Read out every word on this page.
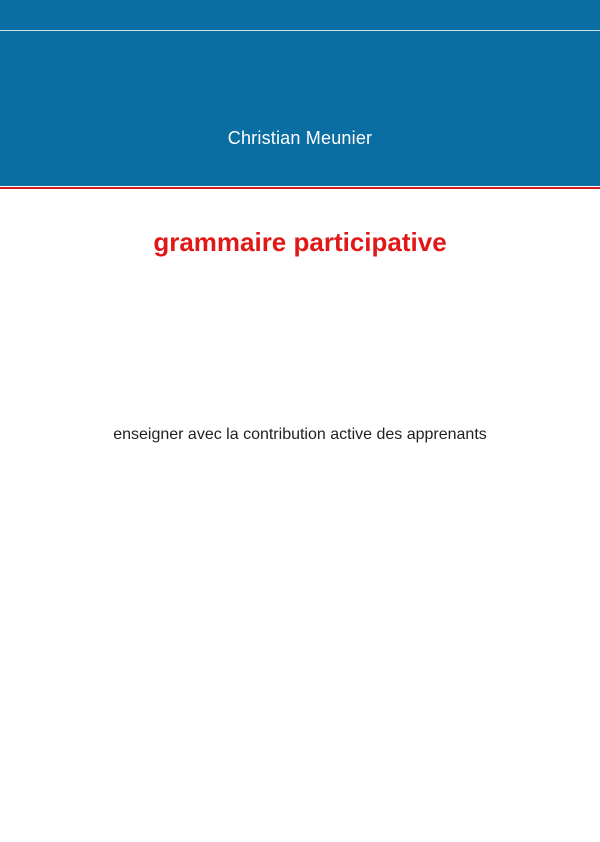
Christian Meunier
grammaire participative
enseigner avec la contribution active des apprenants
